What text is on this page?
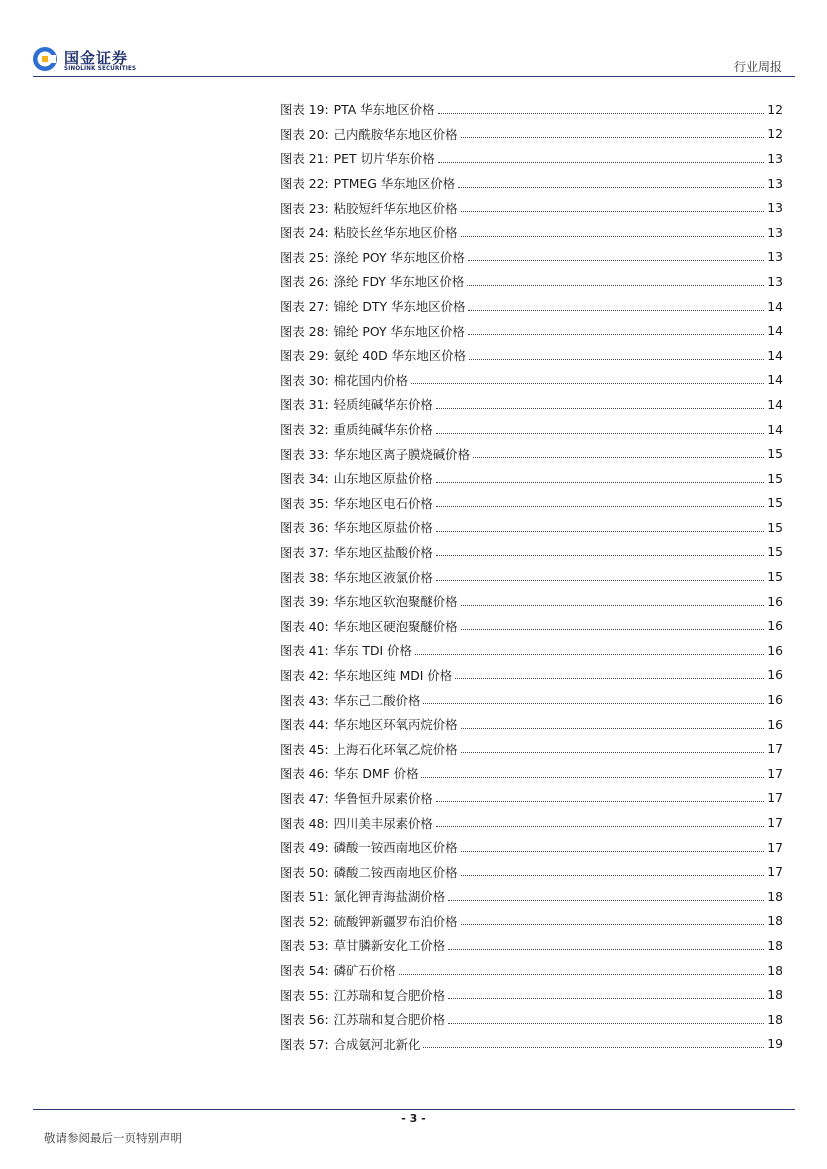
国金证券
SINOLINK SECURITIES	行业周报
图表 19: PTA 华东地区价格	12
图表 20: 己内酰胺华东地区价格	12
图表 21: PET 切片华东价格	13
图表 22: PTMEG 华东地区价格	13
图表 23: 粘胶短纤华东地区价格	13
图表 24: 粘胶长丝华东地区价格	13
图表 25: 涤纶 POY 华东地区价格	13
图表 26: 涤纶 FDY 华东地区价格	13
图表 27: 锦纶 DTY 华东地区价格	14
图表 28: 锦纶 POY 华东地区价格	14
图表 29: 氨纶 40D 华东地区价格	14
图表 30: 棉花国内价格	14
图表 31: 轻质纯碱华东价格	14
图表 32: 重质纯碱华东价格	14
图表 33: 华东地区离子膜烧碱价格	15
图表 34: 山东地区原盐价格	15
图表 35: 华东地区电石价格	15
图表 36: 华东地区原盐价格	15
图表 37: 华东地区盐酸价格	15
图表 38: 华东地区液氯价格	15
图表 39: 华东地区软泡聚醚价格	16
图表 40: 华东地区硬泡聚醚价格	16
图表 41: 华东 TDI 价格	16
图表 42: 华东地区纯 MDI 价格	16
图表 43: 华东己二酸价格	16
图表 44: 华东地区环氧丙烷价格	16
图表 45: 上海石化环氧乙烷价格	17
图表 46: 华东 DMF 价格	17
图表 47: 华鲁恒升尿素价格	17
图表 48: 四川美丰尿素价格	17
图表 49: 磷酸一铵西南地区价格	17
图表 50: 磷酸二铵西南地区价格	17
图表 51: 氯化钾青海盐湖价格	18
图表 52: 硫酸钾新疆罗布泊价格	18
图表 53: 草甘膦新安化工价格	18
图表 54: 磷矿石价格	18
图表 55: 江苏瑞和复合肥价格	18
图表 56: 江苏瑞和复合肥价格	18
图表 57: 合成氨河北新化	19
- 3 -
敬请参阅最后一页特别声明
